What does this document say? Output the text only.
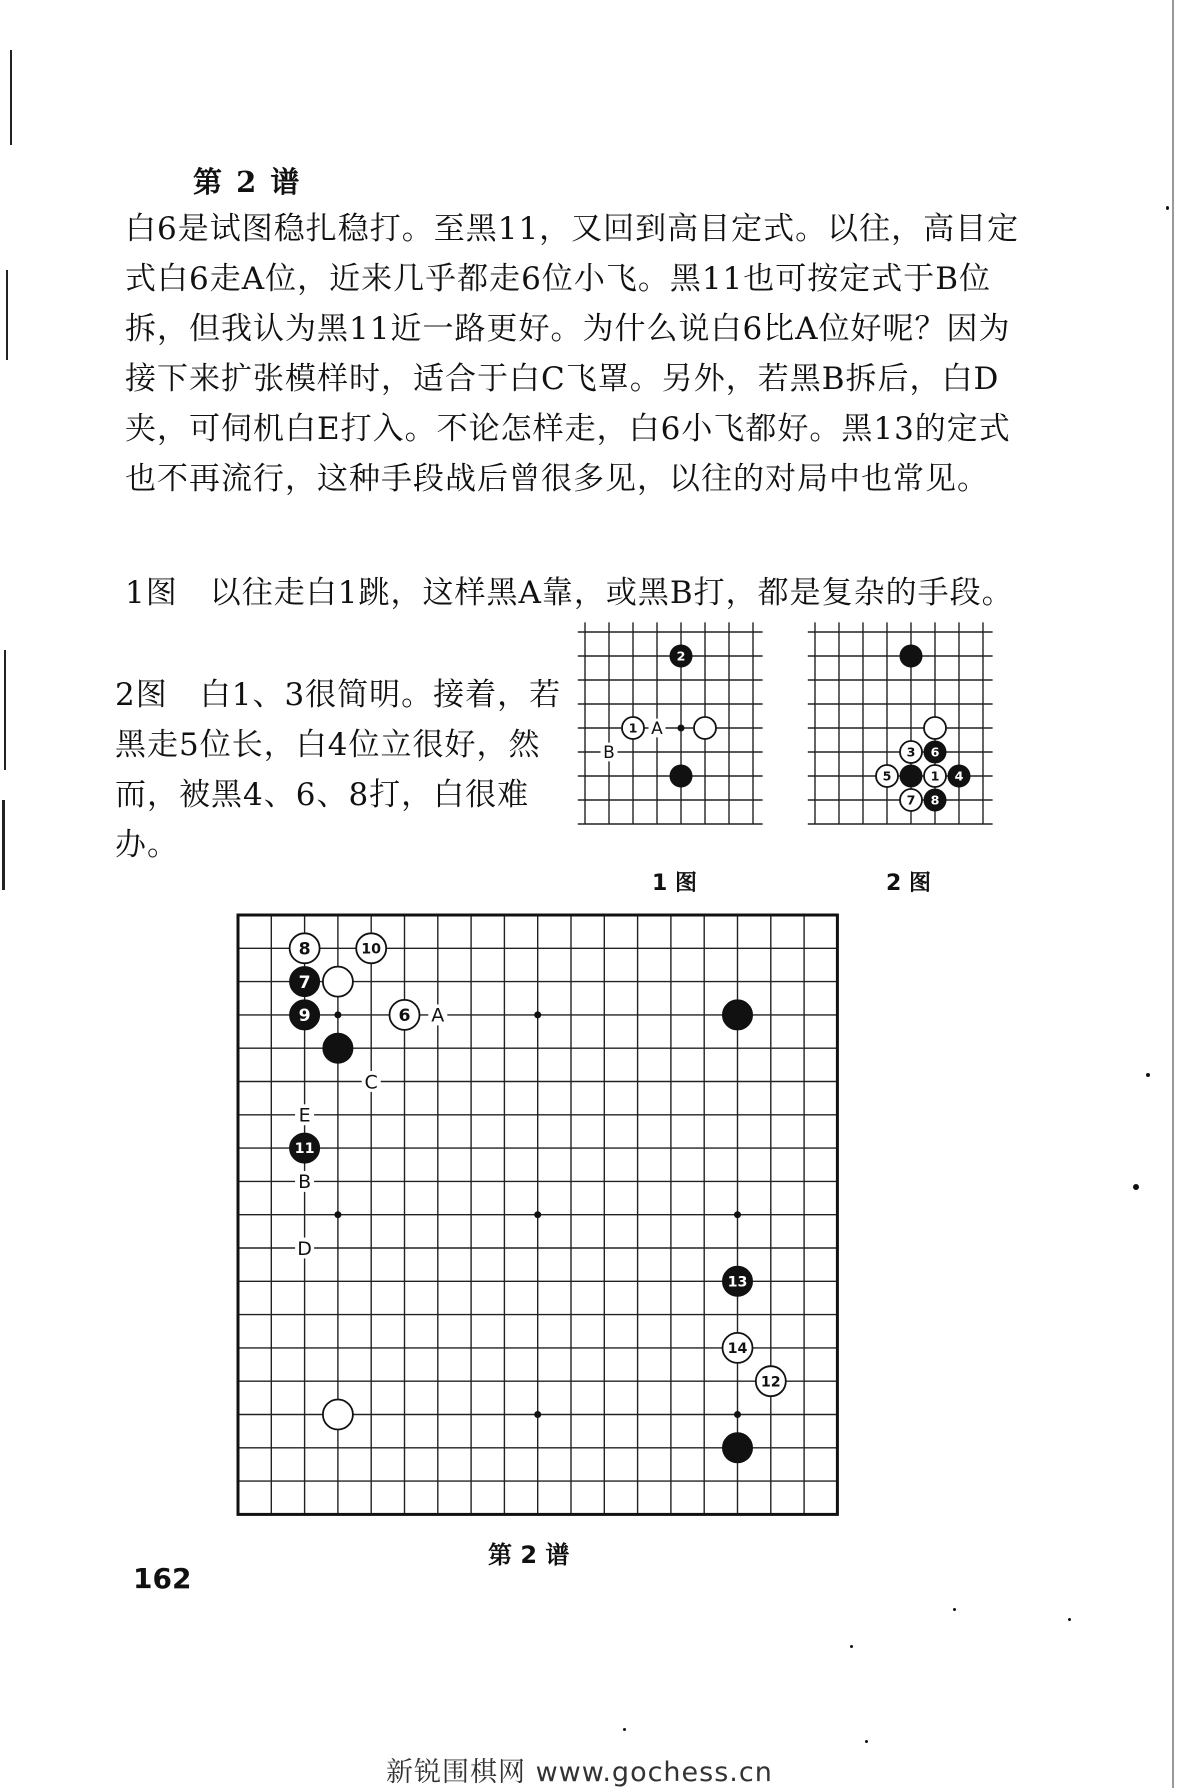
第 2 谱

白6是试图稳扎稳打。至黑11，又回到高目定式。以往，高目定式白6走A位，近来几乎都走6位小飞。黑11也可按定式于B位拆，但我认为黑11近一路更好。为什么说白6比A位好呢？因为接下来扩张模样时，适合于白C飞罩。另外，若黑B拆后，白D夹，可伺机白E打入。不论怎样走，白6小飞都好。黑13的定式也不再流行，这种手段战后曾很多见，以往的对局中也常见。

1图　以往走白1跳，这样黑A靠，或黑B打，都是复杂的手段。

2图　白1、3很简明。接着，若黑走5位长，白4位立很好，然而，被黑4、6、8打，白很难办。

A
B
2
1
3 6
5	1 4
7 8
1 图	2 图
A
C
E
B
D
8	10
7
9	6
11
13
14
12
第 2 谱
162
新锐围棋网 www.gochess.cn
